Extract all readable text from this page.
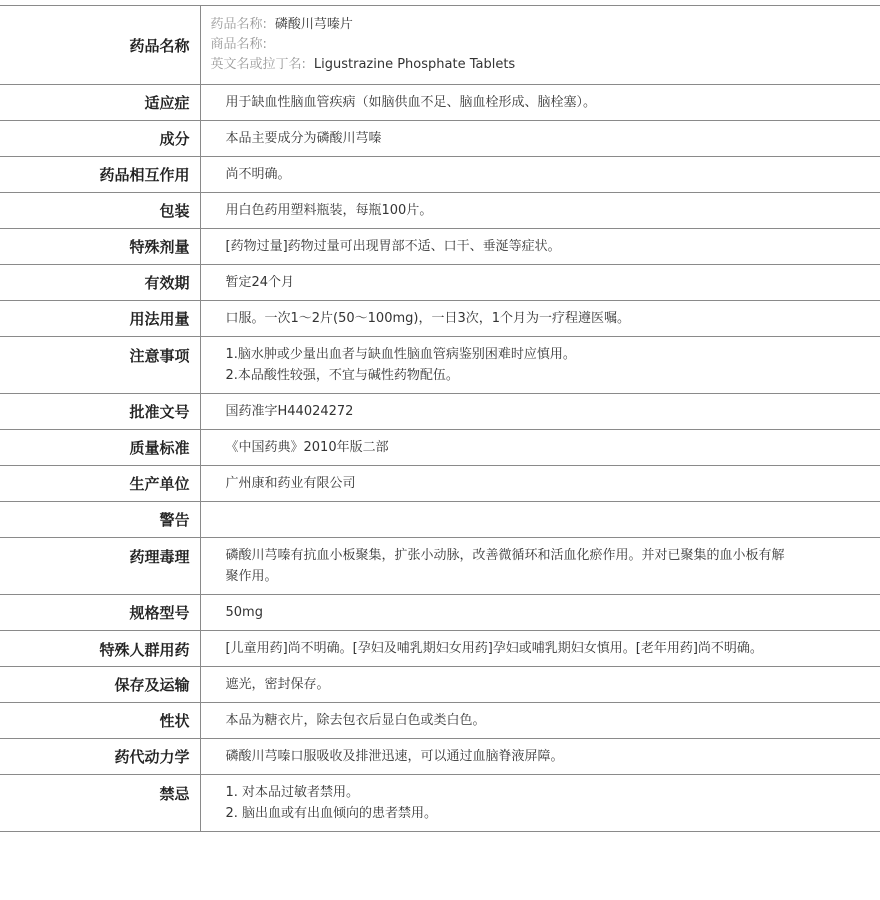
药品名称	药品名称: 磷酸川芎嗪片
商品名称:
英文名或拉丁名: Ligustrazine Phosphate Tablets

适应症	用于缺血性脑血管疾病（如脑供血不足、脑血栓形成、脑栓塞）。

成分	本品主要成分为磷酸川芎嗪

药品相互作用	尚不明确。

包装	用白色药用塑料瓶装，每瓶100片。

特殊剂量	[药物过量]药物过量可出现胃部不适、口干、垂涎等症状。

有效期	暂定24个月

用法用量	口服。一次1～2片(50～100mg)，一日3次，1个月为一疗程遵医嘱。

注意事项	1.脑水肿或少量出血者与缺血性脑血管病鉴别困难时应慎用。
2.本品酸性较强，不宜与碱性药物配伍。

批准文号	国药准字H44024272

质量标准	《中国药典》2010年版二部

生产单位	广州康和药业有限公司

警告	

药理毒理	磷酸川芎嗪有抗血小板聚集，扩张小动脉，改善微循环和活血化瘀作用。并对已聚集的血小板有解聚作用。

规格型号	50mg

特殊人群用药	[儿童用药]尚不明确。[孕妇及哺乳期妇女用药]孕妇或哺乳期妇女慎用。[老年用药]尚不明确。

保存及运输	遮光，密封保存。

性状	本品为糖衣片，除去包衣后显白色或类白色。

药代动力学	磷酸川芎嗪口服吸收及排泄迅速，可以通过血脑脊液屏障。

禁忌	1. 对本品过敏者禁用。
2. 脑出血或有出血倾向的患者禁用。
